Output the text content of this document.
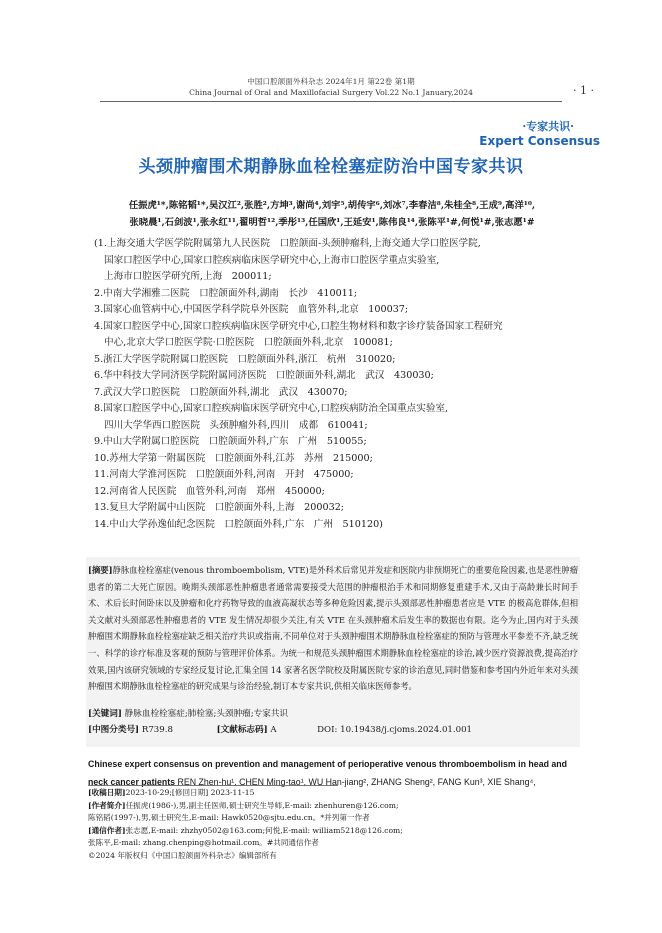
中国口腔颌面外科杂志 2024年1月 第22卷 第1期
China Journal of Oral and Maxillofacial Surgery Vol.22 No.1 January,2024	· 1 ·
·专家共识·
Expert Consensus
头颈肿瘤围术期静脉血栓栓塞症防治中国专家共识
任振虎¹*,陈铭韬¹*,吴汉江²,张胜²,方坤³,谢尚⁴,刘宇⁵,胡传宇⁶,刘冰⁷,李春洁⁸,朱桂全⁸,王成⁹,高洋¹⁰,
张晓晨¹,石剑波¹,张永红¹¹,翟明哲¹²,季彤¹³,任国欣¹,王延安¹,陈伟良¹⁴,张陈平¹#,何悦¹#,张志愿¹#
(1.上海交通大学医学院附属第九人民医院　口腔颌面-头颈肿瘤科,上海交通大学口腔医学院,
国家口腔医学中心,国家口腔疾病临床医学研究中心,上海市口腔医学重点实验室,
上海市口腔医学研究所,上海　200011;
2.中南大学湘雅二医院　口腔颌面外科,湖南　长沙　410011;
3.国家心血管病中心,中国医学科学院阜外医院　血管外科,北京　100037;
4.国家口腔医学中心,国家口腔疾病临床医学研究中心,口腔生物材料和数字诊疗装备国家工程研究
中心,北京大学口腔医学院·口腔医院　口腔颌面外科,北京　100081;
5.浙江大学医学院附属口腔医院　口腔颌面外科,浙江　杭州　310020;
6.华中科技大学同济医学院附属同济医院　口腔颌面外科,湖北　武汉　430030;
7.武汉大学口腔医院　口腔颌面外科,湖北　武汉　430070;
8.国家口腔医学中心,国家口腔疾病临床医学研究中心,口腔疾病防治全国重点实验室,
四川大学华西口腔医院　头颈肿瘤外科,四川　成都　610041;
9.中山大学附属口腔医院　口腔颌面外科,广东　广州　510055;
10.苏州大学第一附属医院　口腔颌面外科,江苏　苏州　215000;
11.河南大学淮河医院　口腔颌面外科,河南　开封　475000;
12.河南省人民医院　血管外科,河南　郑州　450000;
13.复旦大学附属中山医院　口腔颌面外科,上海　200032;
14.中山大学孙逸仙纪念医院　口腔颌面外科,广东　广州　510120)
[摘要]静脉血栓栓塞症(venous thromboembolism, VTE)是外科术后常见并发症和医院内非预期死亡的重要危险因素,也是恶性肿瘤患者的第二大死亡原因。晚期头颈部恶性肿瘤患者通常需要接受大范围的肿瘤根治手术和同期修复重建手术,又由于高龄兼长时间手术、术后长时间卧床以及肿瘤和化疗药物导致的血液高凝状态等多种危险因素,提示头颈部恶性肿瘤患者应是 VTE 的极高危群体,但相关文献对头颈部恶性肿瘤患者的 VTE 发生情况却很少关注,有关 VTE 在头颈肿瘤术后发生率的数据也有限。迄今为止,国内对于头颈肿瘤围术期静脉血栓栓塞症缺乏相关治疗共识或指南,不同单位对于头颈肿瘤围术期静脉血栓栓塞症的预防与管理水平参差不齐,缺乏统一、科学的诊疗标准及客观的预防与管理评价体系。为统一和规范头颈肿瘤围术期静脉血栓栓塞症的诊治,减少医疗资源浪费,提高治疗效果,国内该研究领域的专家经反复讨论,汇集全国 14 家著名医学院校及附属医院专家的诊治意见,同时借鉴和参考国内外近年来对头颈肿瘤围术期静脉血栓栓塞症的研究成果与诊治经验,制订本专家共识,供相关临床医师参考。
[关键词] 静脉血栓栓塞症;肺栓塞;头颈肿瘤;专家共识
[中图分类号] R739.8	[文献标志码] A	DOI: 10.19438/j.cjoms.2024.01.001
Chinese expert consensus on prevention and management of perioperative venous thromboembolism in head and neck cancer patients REN Zhen-hu¹, CHEN Ming-tao¹, WU Han-jiang², ZHANG Sheng², FANG Kun³, XIE Shang⁴,
[收稿日期]2023-10-29;[修回日期] 2023-11-15
[作者简介]任振虎(1986-),男,副主任医师,硕士研究生导师,E-mail: zhenhuren@126.com;
陈铭韬(1997-),男,硕士研究生,E-mail: Hawk0520@sjtu.edu.cn。*并列第一作者
[通信作者]张志愿,E-mail: zhzhy0502@163.com;何悦,E-mail: william5218@126.com;
张陈平,E-mail: zhang.chenping@hotmail.com。#共同通信作者
©2024 年版权归《中国口腔颌面外科杂志》编辑部所有
